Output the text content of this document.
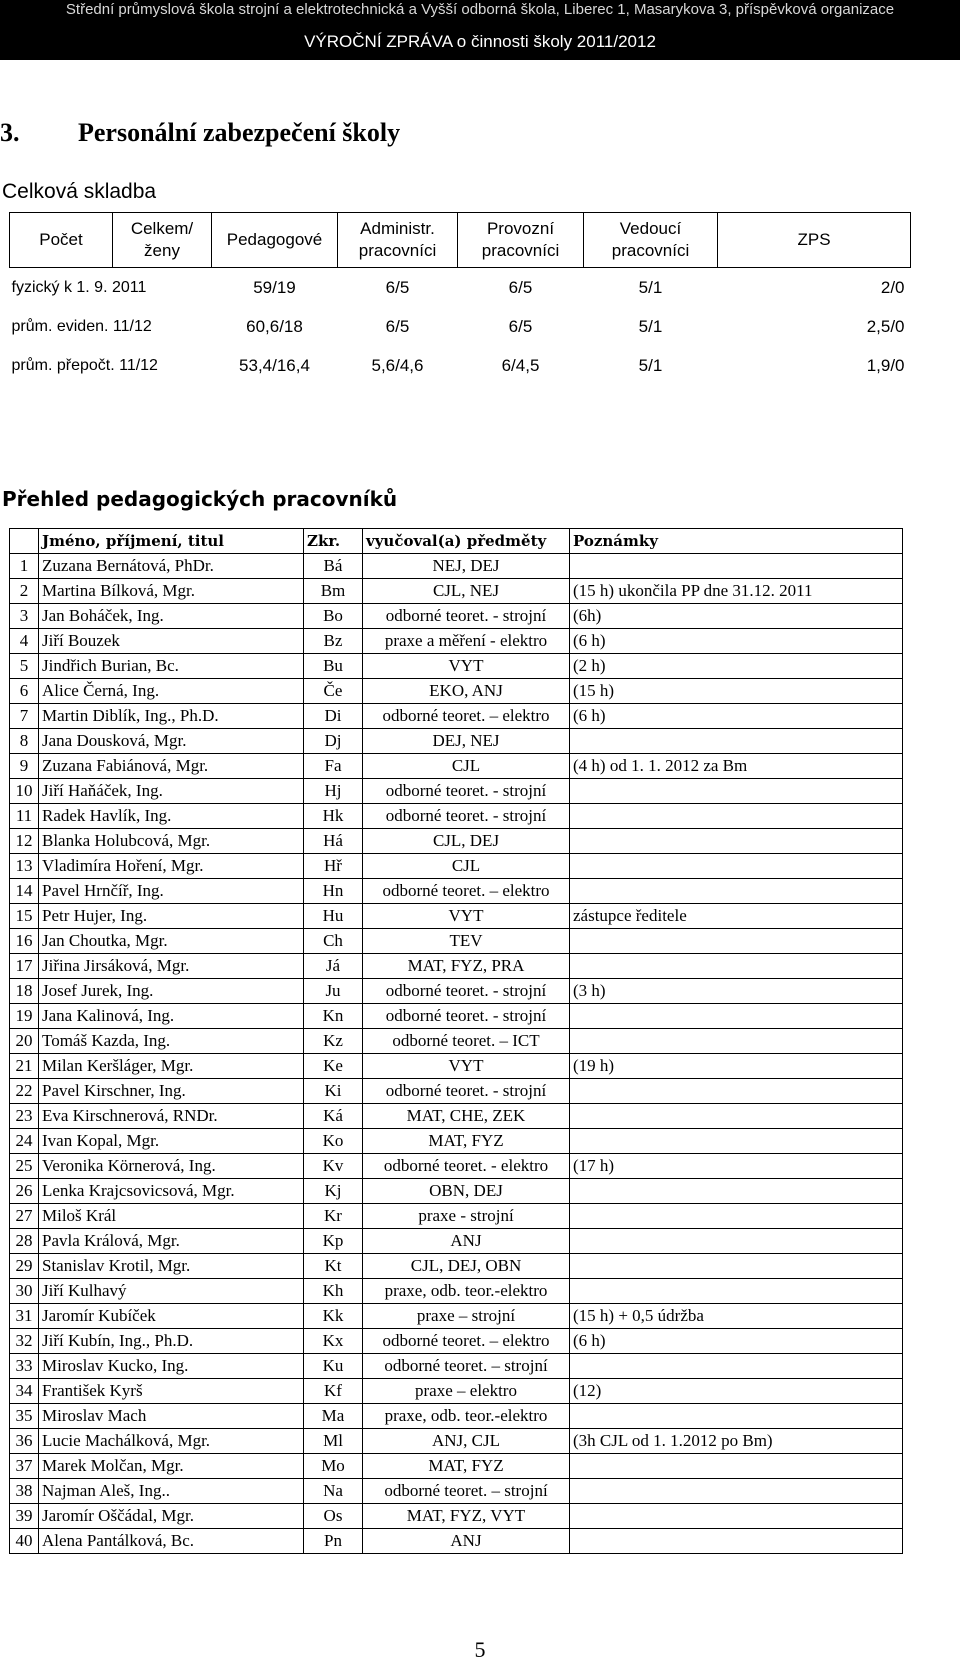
Střední průmyslová škola strojní a elektrotechnická a Vyšší odborná škola, Liberec 1, Masarykova 3, příspěvková organizace
VÝROČNÍ ZPRÁVA o činnosti školy 2011/2012
3. Personální zabezpečení školy
Celková skladba
Počet	Celkem/ ženy	Pedagogové	Administr. pracovníci	Provozní pracovníci	Vedoucí pracovníci	ZPS
fyzický k 1. 9. 2011		59/19	6/5	6/5	5/1	2/0
prům. eviden. 11/12		60,6/18	6/5	6/5	5/1	2,5/0
prům. přepočt. 11/12		53,4/16,4	5,6/4,6	6/4,5	5/1	1,9/0
Přehled pedagogických pracovníků
	Jméno, příjmení, titul	Zkr.	vyučoval(a) předměty	Poznámky
1	Zuzana Bernátová, PhDr.	Bá	NEJ, DEJ	
2	Martina Bílková, Mgr.	Bm	CJL, NEJ	(15 h) ukončila PP dne 31.12. 2011
3	Jan Boháček, Ing.	Bo	odborné teoret. - strojní	(6h)
4	Jiří Bouzek	Bz	praxe a měření - elektro	(6 h)
5	Jindřich Burian, Bc.	Bu	VYT	(2 h)
6	Alice Černá, Ing.	Če	EKO, ANJ	(15 h)
7	Martin Diblík, Ing., Ph.D.	Di	odborné teoret. – elektro	(6 h)
8	Jana Dousková, Mgr.	Dj	DEJ, NEJ	
9	Zuzana Fabiánová, Mgr.	Fa	CJL	(4 h) od 1. 1. 2012 za Bm
10	Jiří Haňáček, Ing.	Hj	odborné teoret. - strojní	
11	Radek Havlík, Ing.	Hk	odborné teoret. - strojní	
12	Blanka Holubcová, Mgr.	Há	CJL, DEJ	
13	Vladimíra Hoření, Mgr.	Hř	CJL	
14	Pavel Hrnčíř, Ing.	Hn	odborné teoret. – elektro	
15	Petr Hujer, Ing.	Hu	VYT	zástupce ředitele
16	Jan Choutka, Mgr.	Ch	TEV	
17	Jiřina Jirsáková, Mgr.	Já	MAT, FYZ, PRA	
18	Josef Jurek, Ing.	Ju	odborné teoret. - strojní	(3 h)
19	Jana Kalinová, Ing.	Kn	odborné teoret. - strojní	
20	Tomáš Kazda, Ing.	Kz	odborné teoret. – ICT	
21	Milan Keršláger, Mgr.	Ke	VYT	(19 h)
22	Pavel Kirschner, Ing.	Ki	odborné teoret. - strojní	
23	Eva Kirschnerová, RNDr.	Ká	MAT, CHE, ZEK	
24	Ivan Kopal, Mgr.	Ko	MAT, FYZ	
25	Veronika Körnerová, Ing.	Kv	odborné teoret. - elektro	(17 h)
26	Lenka Krajcsovicsová, Mgr.	Kj	OBN, DEJ	
27	Miloš Král	Kr	praxe - strojní	
28	Pavla Králová, Mgr.	Kp	ANJ	
29	Stanislav Krotil, Mgr.	Kt	CJL, DEJ, OBN	
30	Jiří Kulhavý	Kh	praxe, odb. teor.-elektro	
31	Jaromír Kubíček	Kk	praxe – strojní	(15 h) + 0,5 údržba
32	Jiří Kubín, Ing., Ph.D.	Kx	odborné teoret. – elektro	(6 h)
33	Miroslav Kucko, Ing.	Ku	odborné teoret. – strojní	
34	František Kyrš	Kf	praxe – elektro	(12)
35	Miroslav Mach	Ma	praxe, odb. teor.-elektro	
36	Lucie Machálková, Mgr.	Ml	ANJ, CJL	(3h CJL od 1. 1.2012 po Bm)
37	Marek Molčan, Mgr.	Mo	MAT, FYZ	
38	Najman Aleš, Ing..	Na	odborné teoret. – strojní	
39	Jaromír Oščádal, Mgr.	Os	MAT, FYZ, VYT	
40	Alena Pantálková, Bc.	Pn	ANJ	
5
